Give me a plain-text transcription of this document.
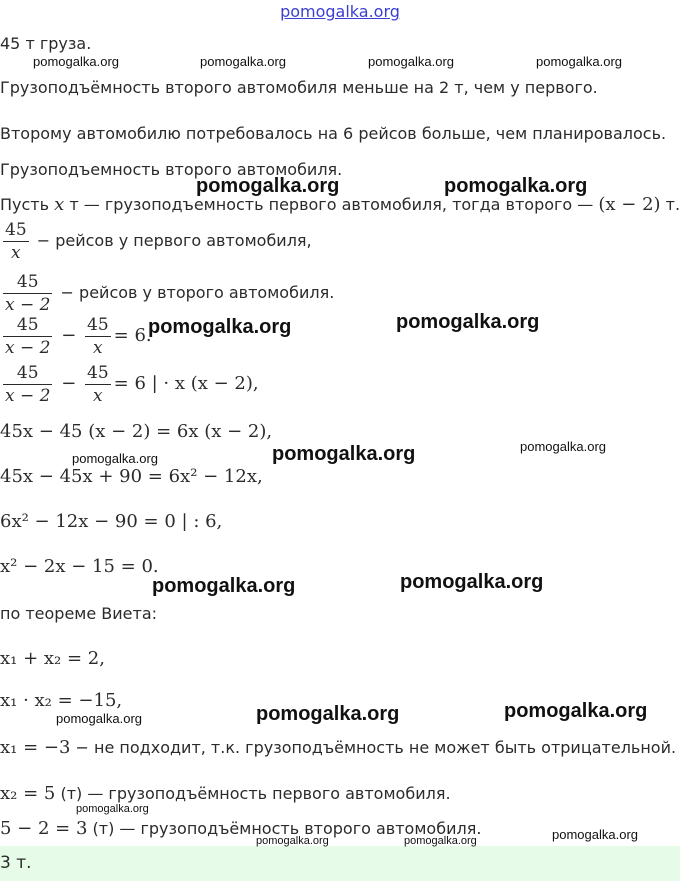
pomogalka.org
45 т груза.
Грузоподъёмность второго автомобиля меньше на 2 т, чем у первого.
Второму автомобилю потребовалось на 6 рейсов больше, чем планировалось.
Грузоподъемность второго автомобиля.
Пусть x т — грузоподъемность первого автомобиля, тогда второго — (x − 2) т.
$\frac{45}{x}$ − рейсов у первого автомобиля,
$\frac{45}{x - 2}$ − рейсов у второго автомобиля.
$\frac{45}{x - 2} - \frac{45}{x} = 6$.
$\frac{45}{x - 2} - \frac{45}{x} = 6$ | · x (x − 2),
45x − 45 (x − 2) = 6x (x − 2),
45x − 45x + 90 = 6x² − 12x,
6x² − 12x − 90 = 0 | : 6,
x² − 2x − 15 = 0.
по теореме Виета:
x₁ + x₂ = 2,
x₁ · x₂ = −15,
x₁ = −3 − не подходит, т.к. грузоподъёмность не может быть отрицательной.
x₂ = 5 (т) — грузоподъёмность первого автомобиля.
5 − 2 = 3 (т) — грузоподъёмность второго автомобиля.
3 т.
pomogalka.org	pomogalka.org	pomogalka.org	pomogalka.org
pomogalka.org	pomogalka.org
pomogalka.org	pomogalka.org
pomogalka.org
pomogalka.org
pomogalka.org
pomogalka.org	pomogalka.org
pomogalka.org	pomogalka.org
pomogalka.org
pomogalka.org
pomogalka.org
pomogalka.org	pomogalka.org
